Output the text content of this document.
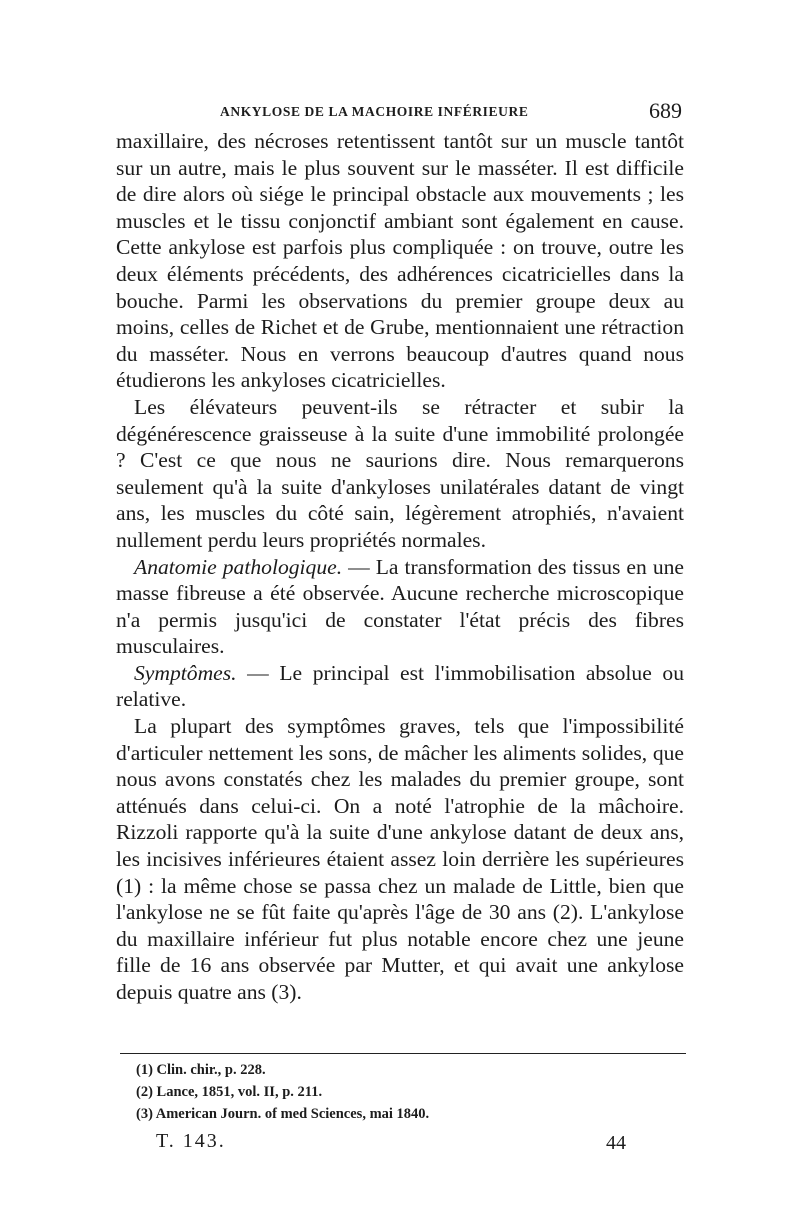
ANKYLOSE DE LA MACHOIRE INFÉRIEURE	689

maxillaire, des nécroses retentissent tantôt sur un muscle tantôt sur un autre, mais le plus souvent sur le masséter. Il est difficile de dire alors où siége le principal obstacle aux mouvements ; les muscles et le tissu conjonctif ambiant sont également en cause. Cette ankylose est parfois plus compliquée : on trouve, outre les deux éléments précédents, des adhérences cicatricielles dans la bouche. Parmi les observations du premier groupe deux au moins, celles de Richet et de Grube, mentionnaient une rétraction du masséter. Nous en verrons beaucoup d'autres quand nous étudierons les ankyloses cicatricielles.

Les élévateurs peuvent-ils se rétracter et subir la dégénérescence graisseuse à la suite d'une immobilité prolongée ? C'est ce que nous ne saurions dire. Nous remarquerons seulement qu'à la suite d'ankyloses unilatérales datant de vingt ans, les muscles du côté sain, légèrement atrophiés, n'avaient nullement perdu leurs propriétés normales.

Anatomie pathologique. — La transformation des tissus en une masse fibreuse a été observée. Aucune recherche microscopique n'a permis jusqu'ici de constater l'état précis des fibres musculaires.

Symptômes. — Le principal est l'immobilisation absolue ou relative.

La plupart des symptômes graves, tels que l'impossibilité d'articuler nettement les sons, de mâcher les aliments solides, que nous avons constatés chez les malades du premier groupe, sont atténués dans celui-ci. On a noté l'atrophie de la mâchoire. Rizzoli rapporte qu'à la suite d'une ankylose datant de deux ans, les incisives inférieures étaient assez loin derrière les supérieures (1) : la même chose se passa chez un malade de Little, bien que l'ankylose ne se fût faite qu'après l'âge de 30 ans (2). L'ankylose du maxillaire inférieur fut plus notable encore chez une jeune fille de 16 ans observée par Mutter, et qui avait une ankylose depuis quatre ans (3).

(1) Clin. chir., p. 228.
(2) Lance, 1851, vol. II, p. 211.
(3) American Journ. of med Sciences, mai 1840.
T. 143.	44
